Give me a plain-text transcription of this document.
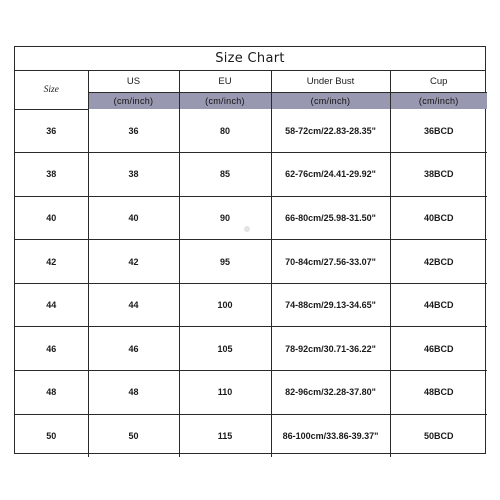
Size Chart
Size	US	EU	Under Bust	Cup
	(cm/inch)	(cm/inch)	(cm/inch)	(cm/inch)
36	36	80	58-72cm/22.83-28.35"	36BCD
38	38	85	62-76cm/24.41-29.92"	38BCD
40	40	90	66-80cm/25.98-31.50"	40BCD
42	42	95	70-84cm/27.56-33.07"	42BCD
44	44	100	74-88cm/29.13-34.65"	44BCD
46	46	105	78-92cm/30.71-36.22"	46BCD
48	48	110	82-96cm/32.28-37.80"	48BCD
50	50	115	86-100cm/33.86-39.37"	50BCD
